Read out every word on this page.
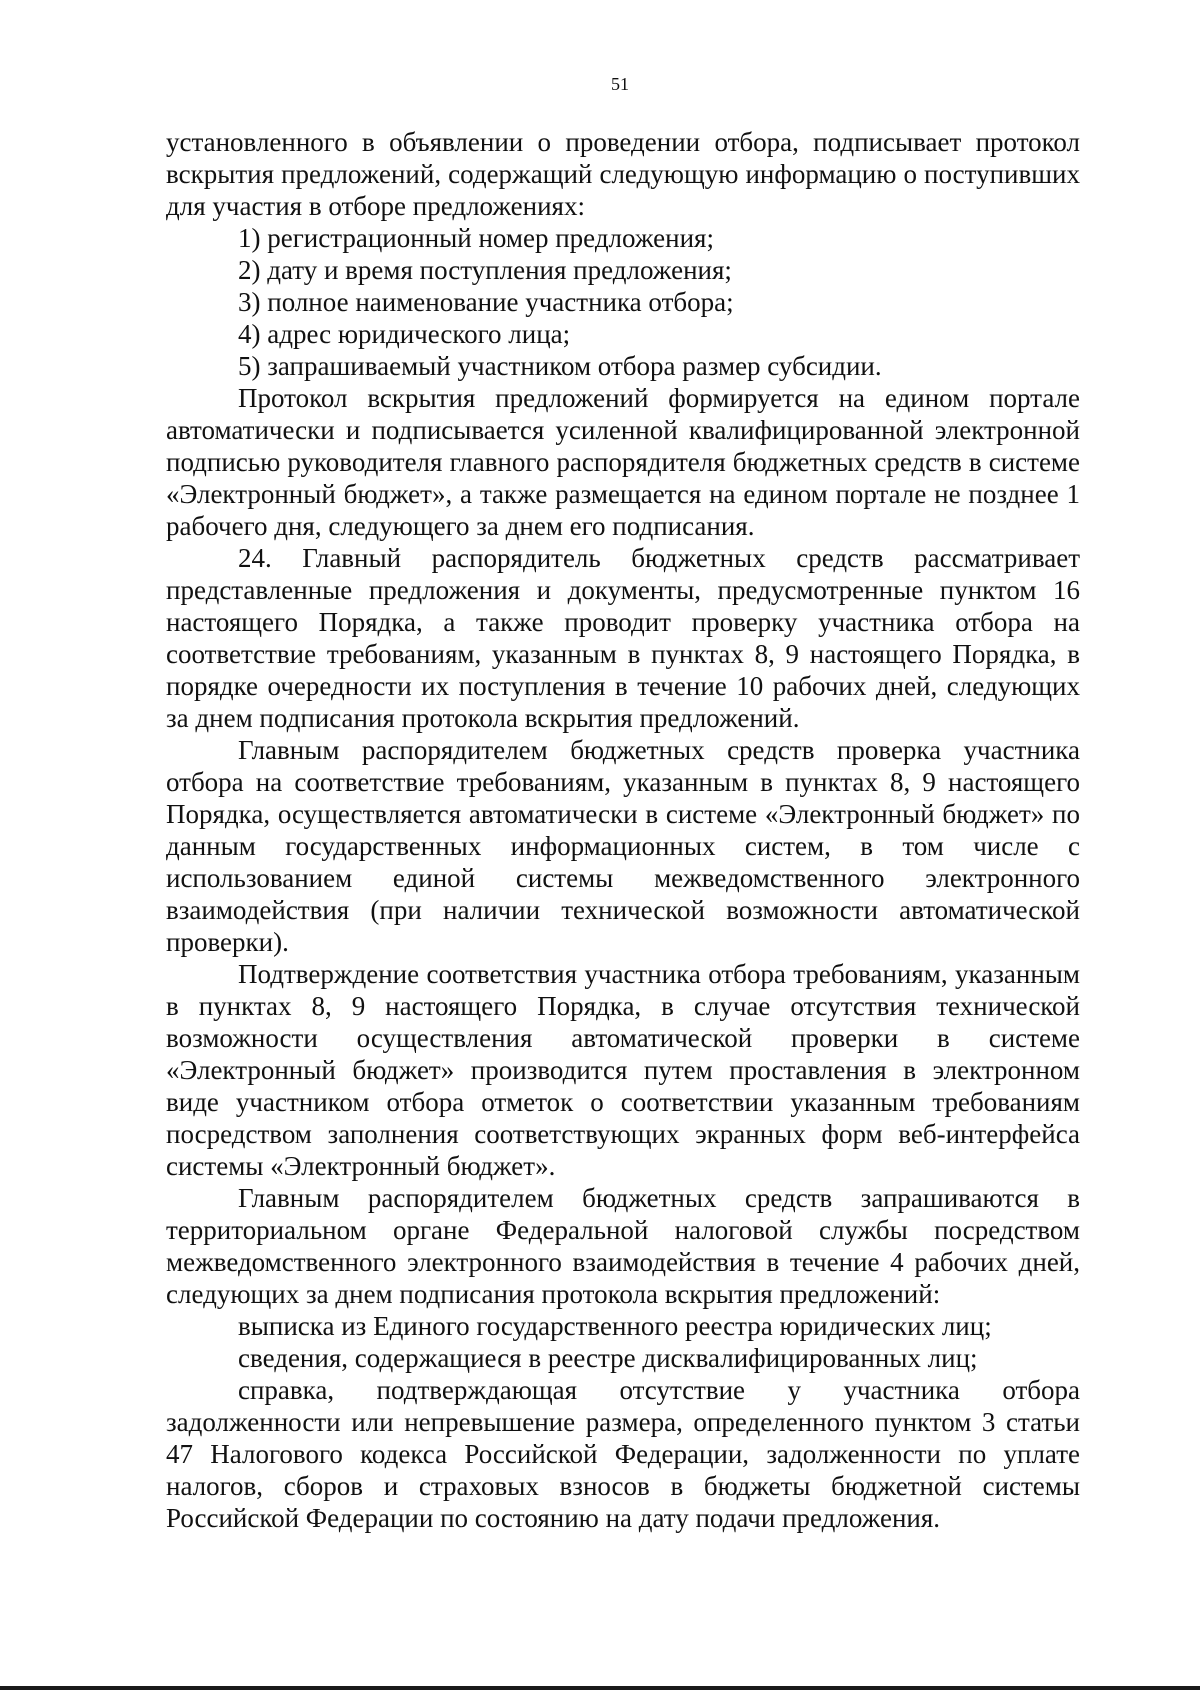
51

установленного в объявлении о проведении отбора, подписывает протокол вскрытия предложений, содержащий следующую информацию о поступивших для участия в отборе предложениях:

1) регистрационный номер предложения;

2) дату и время поступления предложения;

3) полное наименование участника отбора;

4) адрес юридического лица;

5) запрашиваемый участником отбора размер субсидии.

Протокол вскрытия предложений формируется на едином портале автоматически и подписывается усиленной квалифицированной электронной подписью руководителя главного распорядителя бюджетных средств в системе «Электронный бюджет», а также размещается на едином портале не позднее 1 рабочего дня, следующего за днем его подписания.

24. Главный распорядитель бюджетных средств рассматривает представленные предложения и документы, предусмотренные пунктом 16 настоящего Порядка, а также проводит проверку участника отбора на соответствие требованиям, указанным в пунктах 8, 9 настоящего Порядка, в порядке очередности их поступления в течение 10 рабочих дней, следующих за днем подписания протокола вскрытия предложений.

Главным распорядителем бюджетных средств проверка участника отбора на соответствие требованиям, указанным в пунктах 8, 9 настоящего Порядка, осуществляется автоматически в системе «Электронный бюджет» по данным государственных информационных систем, в том числе с использованием единой системы межведомственного электронного взаимодействия (при наличии технической возможности автоматической проверки).

Подтверждение соответствия участника отбора требованиям, указанным в пунктах 8, 9 настоящего Порядка, в случае отсутствия технической возможности осуществления автоматической проверки в системе «Электронный бюджет» производится путем проставления в электронном виде участником отбора отметок о соответствии указанным требованиям посредством заполнения соответствующих экранных форм веб-интерфейса системы «Электронный бюджет».

Главным распорядителем бюджетных средств запрашиваются в территориальном органе Федеральной налоговой службы посредством межведомственного электронного взаимодействия в течение 4 рабочих дней, следующих за днем подписания протокола вскрытия предложений:

выписка из Единого государственного реестра юридических лиц;

сведения, содержащиеся в реестре дисквалифицированных лиц;

справка, подтверждающая отсутствие у участника отбора задолженности или непревышение размера, определенного пунктом 3 статьи 47 Налогового кодекса Российской Федерации, задолженности по уплате налогов, сборов и страховых взносов в бюджеты бюджетной системы Российской Федерации по состоянию на дату подачи предложения.
